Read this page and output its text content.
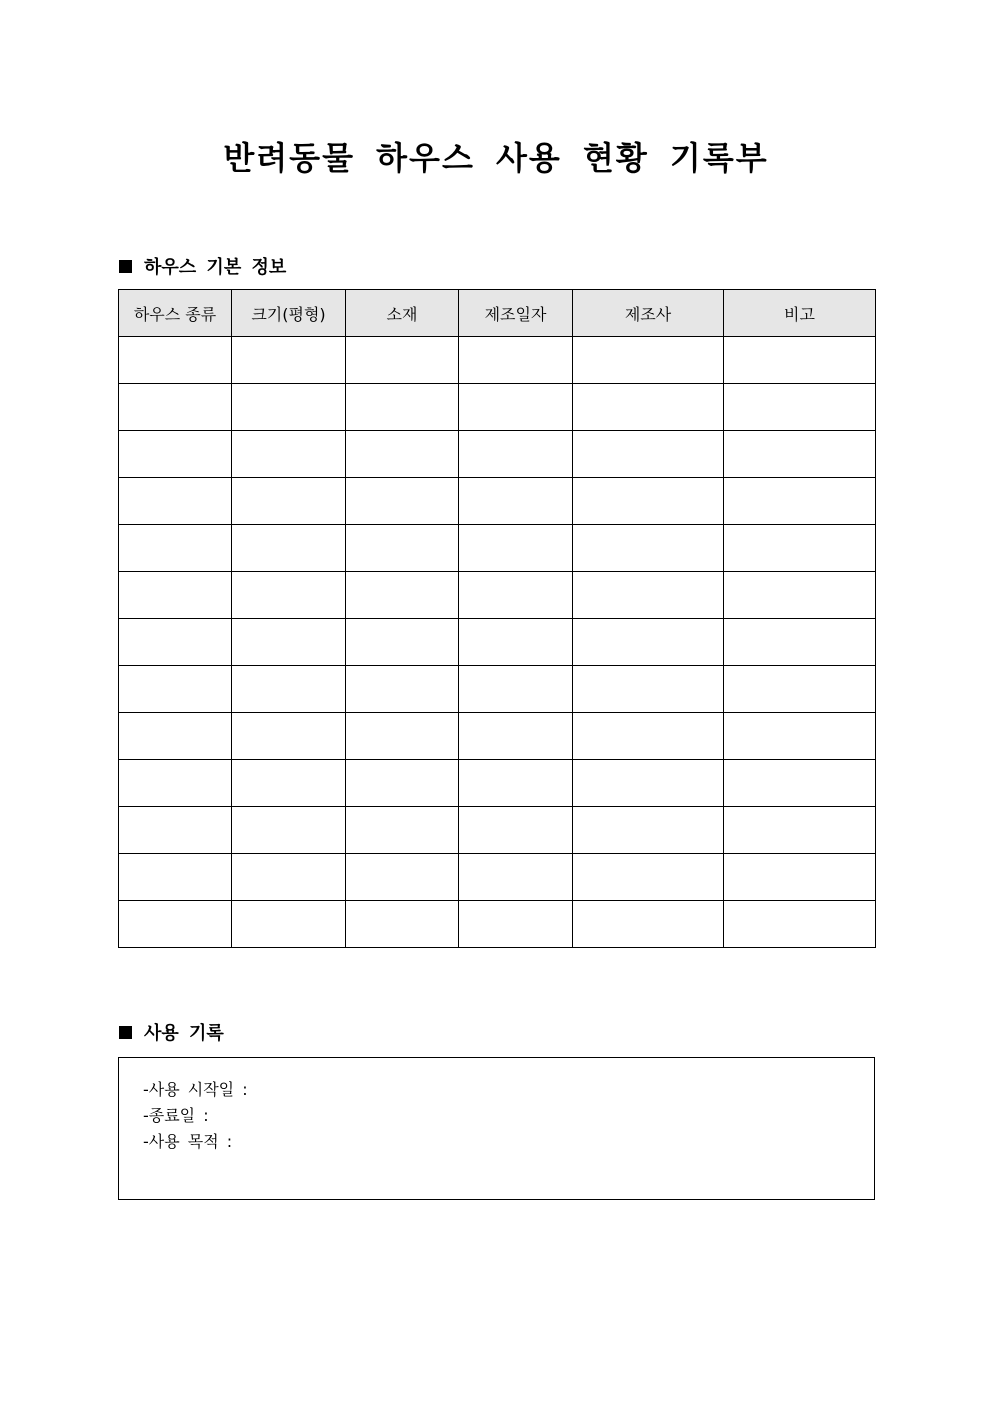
반려동물 하우스 사용 현황 기록부
하우스 기본 정보
하우스 종류	크기(평형)	소재	제조일자	제조사	비고

사용 기록
-사용 시작일 :
-종료일 :
-사용 목적 :
